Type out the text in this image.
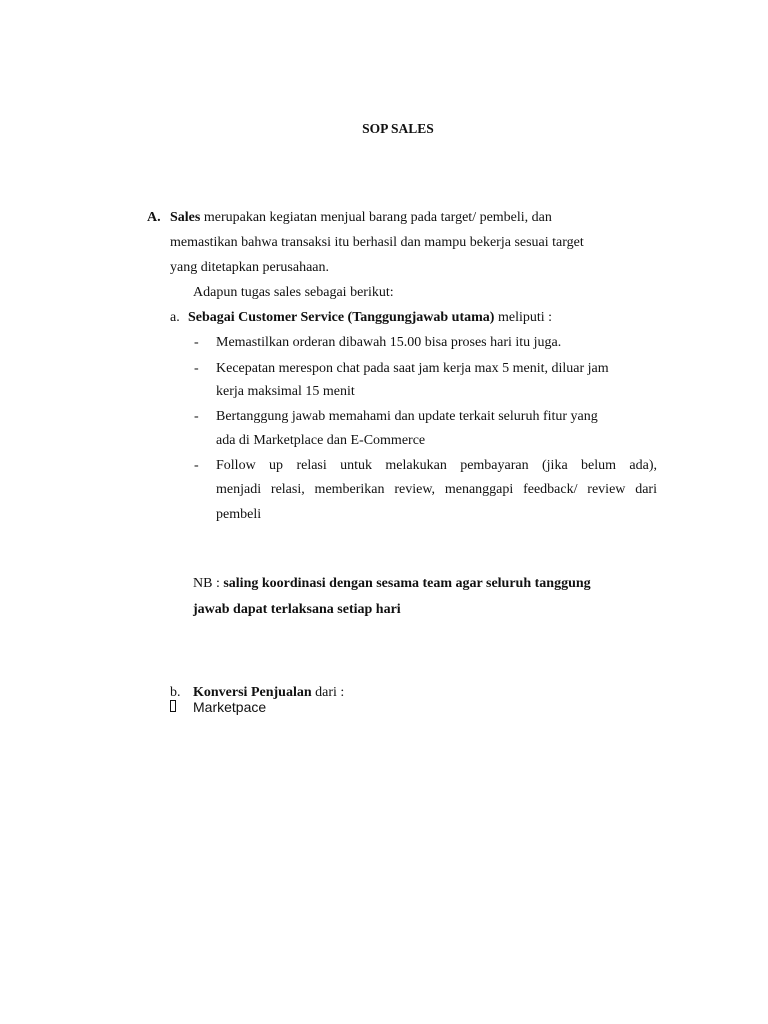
SOP SALES
A. Sales merupakan kegiatan menjual barang pada target/ pembeli, dan
memastikan bahwa transaksi itu berhasil dan mampu bekerja sesuai target
yang ditetapkan perusahaan.
Adapun tugas sales sebagai berikut:
a. Sebagai Customer Service (Tanggungjawab utama) meliputi :
- Memastilkan orderan dibawah 15.00 bisa proses hari itu juga.
- Kecepatan merespon chat pada saat jam kerja max 5 menit, diluar jam
kerja maksimal 15 menit
- Bertanggung jawab memahami dan update terkait seluruh fitur yang
ada di Marketplace dan E-Commerce
- Follow up relasi untuk melakukan pembayaran (jika belum ada),
menjadi relasi, memberikan review, menanggapi feedback/ review dari
pembeli
NB : saling koordinasi dengan sesama team agar seluruh tanggung
jawab dapat terlaksana setiap hari
b. Konversi Penjualan dari :
Marketpace
